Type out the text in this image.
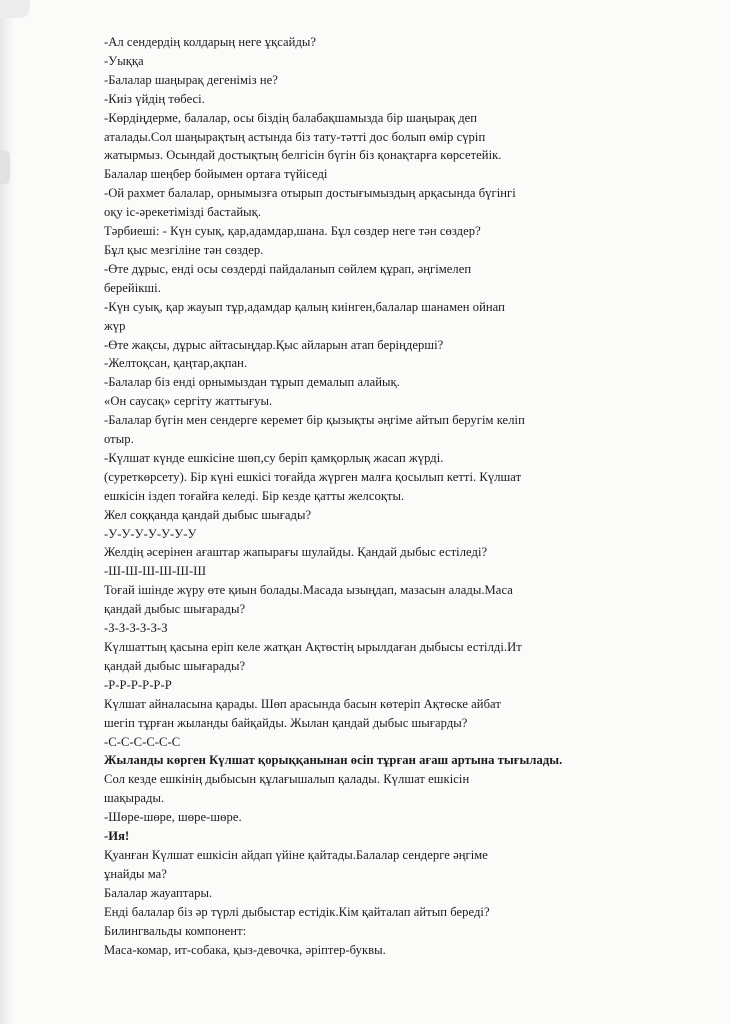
-Ал сендердің колдарың неге ұқсайды?
-Уыққа
-Балалар шаңырақ дегеніміз не?
-Киіз үйдің төбесі.
-Көрдіңдерме, балалар, осы біздің балабақшамызда бір шаңырақ деп
аталады.Сол шаңырақтың астында біз тату-тәтті дос болып өмір сүріп
жатырмыз. Осындай достықтың белгісін бүгін біз қонақтарға көрсетейік.
Балалар шеңбер бойымен ортаға түйіседі
-Ой рахмет балалар, орнымызға отырып достығымыздың арқасында бүгінгі
оқу іс-әрекетімізді бастайық.
Тәрбиеші: - Күн суық, қар,адамдар,шана. Бұл сөздер неге тән сөздер?
Бұл қыс мезгіліне тән сөздер.
-Өте дұрыс, енді осы сөздерді пайдаланып сөйлем құрап, әңгімелеп
берейікші.
-Күн суық, қар жауып тұр,адамдар қалың киінген,балалар шанамен ойнап
жүр
-Өте жақсы, дұрыс айтасыңдар.Қыс айларын атап беріңдерші?
-Желтоқсан, қаңтар,ақпан.
-Балалар біз енді орнымыздан тұрып демалып алайық.
«Он саусақ» сергіту жаттығуы.
-Балалар бүгін мен сендерге керемет бір қызықты әңгіме айтып беругім келіп
отыр.
-Күлшат күнде ешкісіне шөп,су беріп қамқорлық жасап жүрді.
(суреткөрсету). Бір күні ешкісі тоғайда жүрген малға қосылып кетті. Күлшат
ешкісін іздеп тоғайға келеді. Бір кезде қатты желсоқты.
Жел соққанда қандай дыбыс шығады?
-У-У-У-У-У-У-У
Желдің әсерінен ағаштар жапырағы шулайды. Қандай дыбыс естіледі?
-Ш-Ш-Ш-Ш-Ш-Ш
Тоғай ішінде жүру өте қиын болады.Масада ызыңдап, мазасын алады.Маса
қандай дыбыс шығарады?
-З-З-З-З-З-З
Күлшаттың қасына еріп келе жатқан Ақтөстің ырылдаған дыбысы естілді.Ит
қандай дыбыс шығарады?
-Р-Р-Р-Р-Р-Р
Күлшат айналасына қарады. Шөп арасында басын көтеріп Ақтөске айбат
шегіп тұрған жыланды байқайды. Жылан қандай дыбыс шығарды?
-С-С-С-С-С-С
Жыланды көрген Күлшат қорыққанынан өсіп тұрған ағаш артына тығылады.
Сол кезде ешкінің дыбысын құлағышалып қалады. Күлшат ешкісін
шақырады.
-Шөре-шөре, шөре-шөре.
-Ия!
Қуанған Күлшат ешкісін айдап үйіне қайтады.Балалар сендерге әңгіме
ұнайды ма?
Балалар жауаптары.
Енді балалар біз әр түрлі дыбыстар естідік.Кім қайталап айтып береді?
Билингвальды компонент:
Маса-комар, ит-собака, қыз-девочка, әріптер-буквы.
